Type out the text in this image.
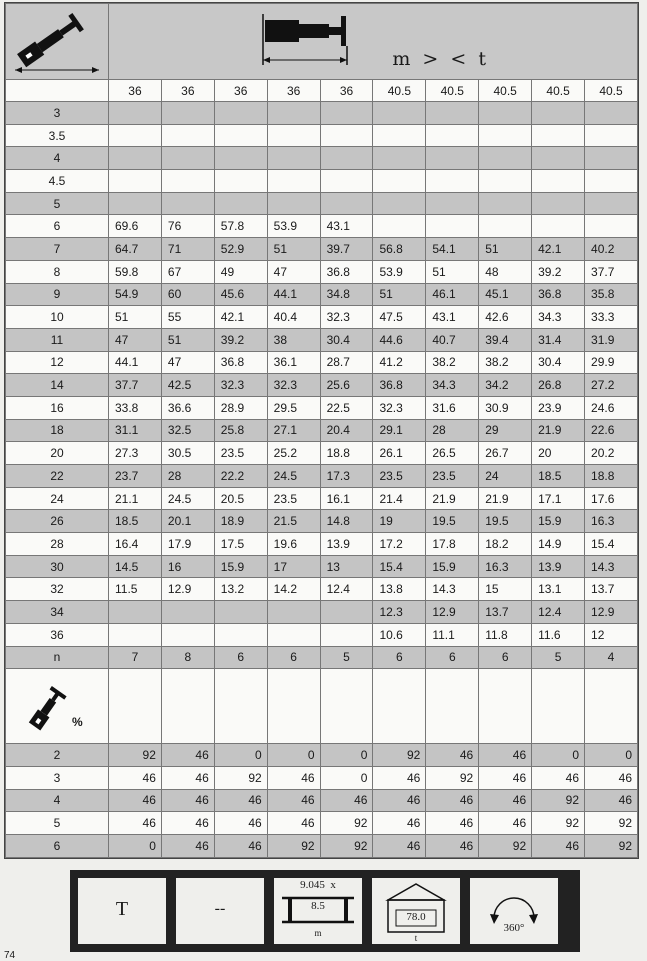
m > < t									

	36	36	36	36	36	40.5	40.5	40.5	40.5	40.5
3										
3.5										
4										
4.5										
5										
6	69.6	76	57.8	53.9	43.1					
7	64.7	71	52.9	51	39.7	56.8	54.1	51	42.1	40.2
8	59.8	67	49	47	36.8	53.9	51	48	39.2	37.7
9	54.9	60	45.6	44.1	34.8	51	46.1	45.1	36.8	35.8
10	51	55	42.1	40.4	32.3	47.5	43.1	42.6	34.3	33.3
11	47	51	39.2	38	30.4	44.6	40.7	39.4	31.4	31.9
12	44.1	47	36.8	36.1	28.7	41.2	38.2	38.2	30.4	29.9
14	37.7	42.5	32.3	32.3	25.6	36.8	34.3	34.2	26.8	27.2
16	33.8	36.6	28.9	29.5	22.5	32.3	31.6	30.9	23.9	24.6
18	31.1	32.5	25.8	27.1	20.4	29.1	28	29	21.9	22.6
20	27.3	30.5	23.5	25.2	18.8	26.1	26.5	26.7	20	20.2
22	23.7	28	22.2	24.5	17.3	23.5	23.5	24	18.5	18.8
24	21.1	24.5	20.5	23.5	16.1	21.4	21.9	21.9	17.1	17.6
26	18.5	20.1	18.9	21.5	14.8	19	19.5	19.5	15.9	16.3
28	16.4	17.9	17.5	19.6	13.9	17.2	17.8	18.2	14.9	15.4
30	14.5	16	15.9	17	13	15.4	15.9	16.3	13.9	14.3
32	11.5	12.9	13.2	14.2	12.4	13.8	14.3	15	13.1	13.7
34						12.3	12.9	13.7	12.4	12.9
36						10.6	11.1	11.8	11.6	12
n	7	8	6	6	5	6	6	6	5	4

%										

2	92	46	0	0	0	92	46	46	0	0
3	46	46	92	46	0	46	92	46	46	46
4	46	46	46	46	46	46	46	46	92	46
5	46	46	46	46	92	46	46	46	92	92
6	0	46	46	92	92	46	46	92	46	92
T	--
9.045 x
8.5
m
78.0
t
360°
74
